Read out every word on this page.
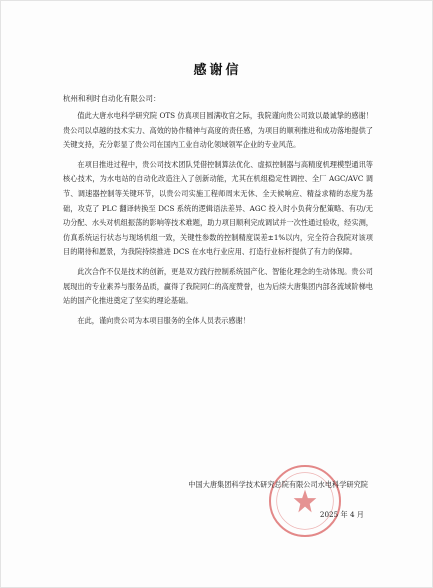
感谢信
杭州和利时自动化有限公司：

值此大唐水电科学研究院 OTS 仿真项目圆满收官之际，我院谨向贵公司致以最诚挚的感谢！贵公司以卓越的技术实力、高效的协作精神与高度的责任感，为项目的顺利推进和成功落地提供了关键支持，充分彰显了贵公司在国内工业自动化领域领军企业的专业风范。

在项目推进过程中，贵公司技术团队凭借控制算法优化、虚拟控制器与高精度机理模型通讯等核心技术，为水电站的自动化改造注入了创新动能，尤其在机组稳定性调控、全厂 AGC/AVC 调节、调速器控制等关键环节，以贵公司实施工程师周末无休、全天候响应、精益求精的态度为基础，攻克了 PLC 翻译转换至 DCS 系统的逻辑语法差异、AGC 投入时小负荷分配策略、有功/无功分配、水头对机组振荡的影响等技术难题，助力项目顺利完成调试并一次性通过验收，经实测，仿真系统运行状态与现场机组一致，关键性参数的控制精度误差±1%以内，完全符合我院对该项目的期待和愿景，为我院持续推进 DCS 在水电行业应用、打造行业标杆提供了有力的保障。

此次合作不仅是技术的创新，更是双方践行控制系统国产化、智能化理念的生动体现。贵公司展现出的专业素养与服务品质，赢得了我院同仁的高度赞誉，也为后续大唐集团内部各流域阶梯电站的国产化推进奠定了坚实的理论基础。

在此，谨向贵公司为本项目服务的全体人员表示感谢！

中国大唐集团科学技术研究总院有限公司水电科学研究院
2025 年 4 月
